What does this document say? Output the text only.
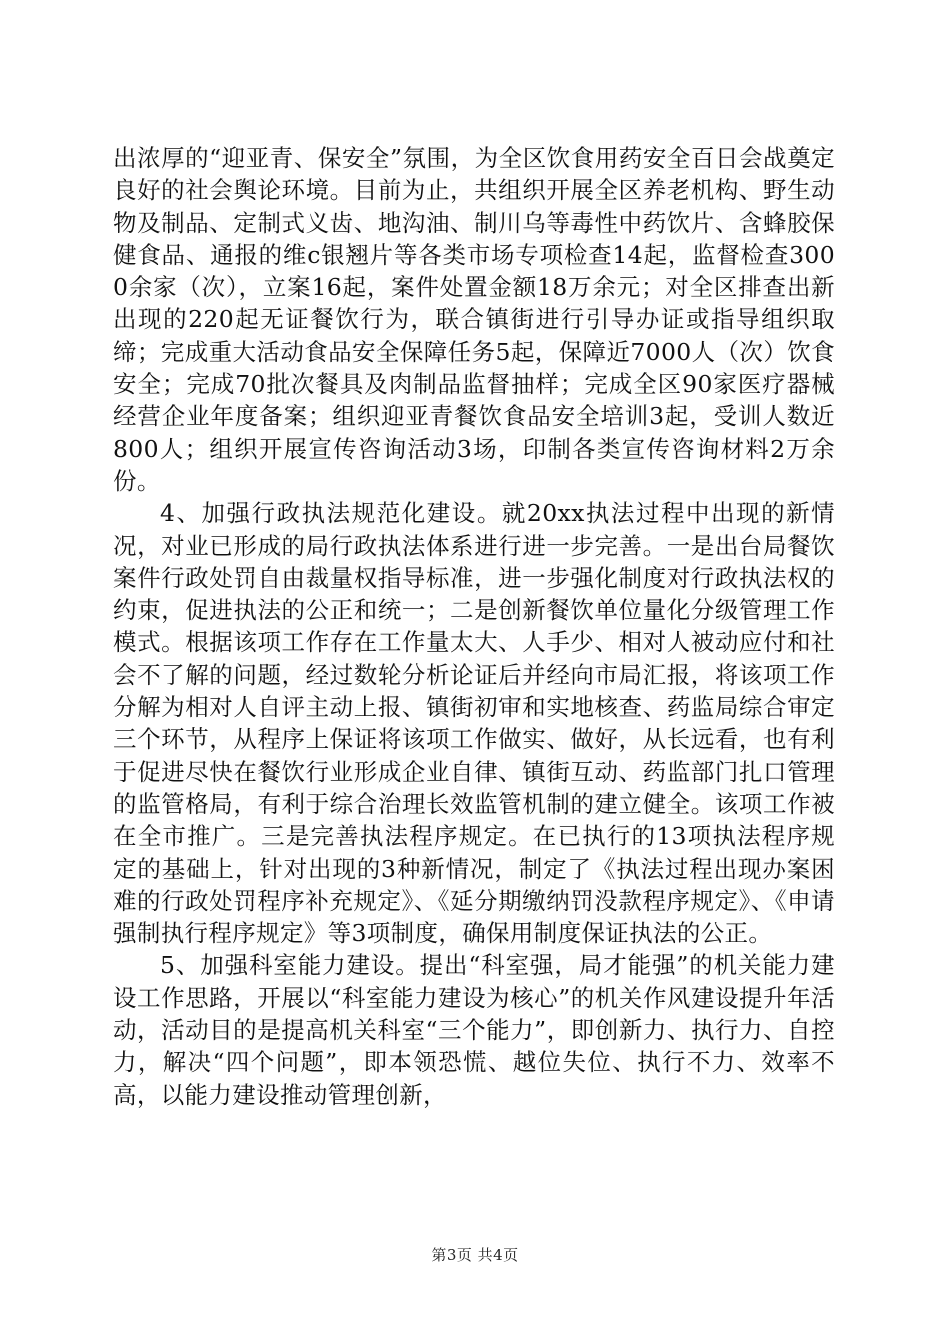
出浓厚的“迎亚青、保安全”氛围，为全区饮食用药安全百日会战奠定良好的社会舆论环境。目前为止，共组织开展全区养老机构、野生动物及制品、定制式义齿、地沟油、制川乌等毒性中药饮片、含蜂胶保健食品、通报的维c银翘片等各类市场专项检查14起，监督检查3000余家（次），立案16起，案件处置金额18万余元；对全区排查出新出现的220起无证餐饮行为，联合镇街进行引导办证或指导组织取缔；完成重大活动食品安全保障任务5起，保障近7000人（次）饮食安全；完成70批次餐具及肉制品监督抽样；完成全区90家医疗器械经营企业年度备案；组织迎亚青餐饮食品安全培训3起，受训人数近800人；组织开展宣传咨询活动3场，印制各类宣传咨询材料2万余份。

4、加强行政执法规范化建设。就20xx执法过程中出现的新情况，对业已形成的局行政执法体系进行进一步完善。一是出台局餐饮案件行政处罚自由裁量权指导标准，进一步强化制度对行政执法权的约束，促进执法的公正和统一；二是创新餐饮单位量化分级管理工作模式。根据该项工作存在工作量太大、人手少、相对人被动应付和社会不了解的问题，经过数轮分析论证后并经向市局汇报，将该项工作分解为相对人自评主动上报、镇街初审和实地核查、药监局综合审定三个环节，从程序上保证将该项工作做实、做好，从长远看，也有利于促进尽快在餐饮行业形成企业自律、镇街互动、药监部门扎口管理的监管格局，有利于综合治理长效监管机制的建立健全。该项工作被在全市推广。三是完善执法程序规定。在已执行的13项执法程序规定的基础上，针对出现的3种新情况，制定了《执法过程出现办案困难的行政处罚程序补充规定》、《延分期缴纳罚没款程序规定》、《申请强制执行程序规定》等3项制度，确保用制度保证执法的公正。

5、加强科室能力建设。提出“科室强，局才能强”的机关能力建设工作思路，开展以“科室能力建设为核心”的机关作风建设提升年活动，活动目的是提高机关科室“三个能力”，即创新力、执行力、自控力，解决“四个问题”，即本领恐慌、越位失位、执行不力、效率不高，以能力建设推动管理创新，

第3页 共4页
